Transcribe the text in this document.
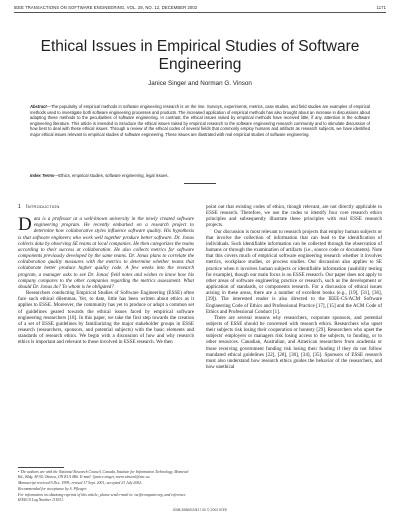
IEEE TRANSACTIONS ON SOFTWARE ENGINEERING, VOL. 28, NO. 12, DECEMBER 2002	1171
Ethical Issues in Empirical Studies of Software Engineering
Janice Singer and Norman G. Vinson
Abstract—The popularity of empirical methods in software engineering research is on the rise. Surveys, experiments, metrics, case studies, and field studies are examples of empirical methods used to investigate both software engineering processes and products. The increased application of empirical methods has also brought about an increase in discussions about adapting these methods to the peculiarities of software engineering. In contrast, the ethical issues raised by empirical methods have received little, if any, attention in the software engineering literature. This article is intended to introduce the ethical issues raised by empirical research to the software engineering research community and to stimulate discussion of how best to deal with these ethical issues. Through a review of the ethical codes of several fields that commonly employ humans and artifacts as research subjects, we have identified major ethical issues relevant to empirical studies of software engineering. These issues are illustrated with real empirical studies of software engineering.
Index Terms—Ethics, empirical studies, software engineering, legal issues.
1 Introduction

Data is a professor at a well-known university in the newly created software engineering program. He recently embarked on a research project to determine how collaborative styles influence software quality. His hypothesis is that software engineers who work well together produce better software. Dr. Jonas collects data by observing SE teams at local companies. He then categorizes the teams according to their success at collaboration. He also collects metrics for software components previously developed by the same teams. Dr. Jonas plans to correlate the collaboration quality measures with the metrics to determine whether teams that collaborate better produce higher quality code. A few weeks into the research program, a manager asks to see Dr. Jonas' field notes and wishes to know how his company compares to the other companies regarding the metrics assessment. What should Dr. Jonas do? To whom is he obligated?

Researchers conducting Empirical Studies of Software Engineering (ESSE) often face such ethical dilemmas. Yet, to date, little has been written about ethics as it applies to ESSE. Moreover, the community has yet to produce or adopt a common set of guidelines geared towards the ethical issues faced by empirical software engineering researchers [18]. In this paper, we take the first step towards the creation of a set of ESSE guidelines by familiarizing the major stakeholder groups in ESSE research (researchers, sponsors, and potential subjects) with the basic elements and standards of research ethics. We begin with a discussion of how and why research ethics is important and relevant to those involved in ESSE research. We then

point out that existing codes of ethics, though relevant, are not directly applicable to ESSE research. Therefore, we use the codes to identify four core research ethics principles and subsequently illustrate these principles with real ESSE research projects.

Our discussion is most relevant to research projects that employ human subjects or that involve the collection of information that can lead to the identification of individuals. Such identifiable information can be collected through the observation of humans or through the examination of artifacts (i.e., source code or documents). Note that this covers much of empirical software engineering research whether it involves metrics, workplace studies, or process studies. Our discussion also applies to SE practice when it involves human subjects or identifiable information (usability testing for example), though our main focus is on ESSE research. Our paper does not apply to other areas of software engineering practice or research, such as the development or application of standards, or components research. For a discussion of ethical issues arising in these areas, there are a number of excellent books (e.g., [19], [31], [36], [39]). The interested reader is also directed to the IEEE-CS/ACM Software Engineering Code of Ethics and Professional Practice [17], [15] and the ACM Code of Ethics and Professional Conduct [1].

There are several reasons why researchers, corporate sponsors, and potential subjects of ESSE should be concerned with research ethics. Researchers who upset their subjects risk losing their cooperation or honesty [29]. Researchers who upset the subjects' employers or managers risk losing access to the subjects, to funding, or to other resources. Canadian, Australian, and American researchers from academia or those receiving government funding risk losing their funding if they do not follow mandated ethical guidelines [22], [28], [30], [34], [35]. Sponsors of ESSE research must also understand how research ethics guides the behavior of the researchers, and how unethical

• The authors are with the National Research Council, Canada, Institute for Information Technology, Montreal Rd., Bldg. M-50, Ottawa, ON K1A 0R6. E-mail: {janice.singer, norm.vinson}@nrc.ca.

Manuscript received 9 Dec. 1999; revised 17 Sept. 2001; accepted 23 July 2002.

Recommended for acceptance by S. Pfleeger.

For information on obtaining reprints of this article, please send e-mail to: tse@computer.org, and reference IEEECS Log Number 111031.

0098-5589/02/$17.00 © 2002 IEEE
